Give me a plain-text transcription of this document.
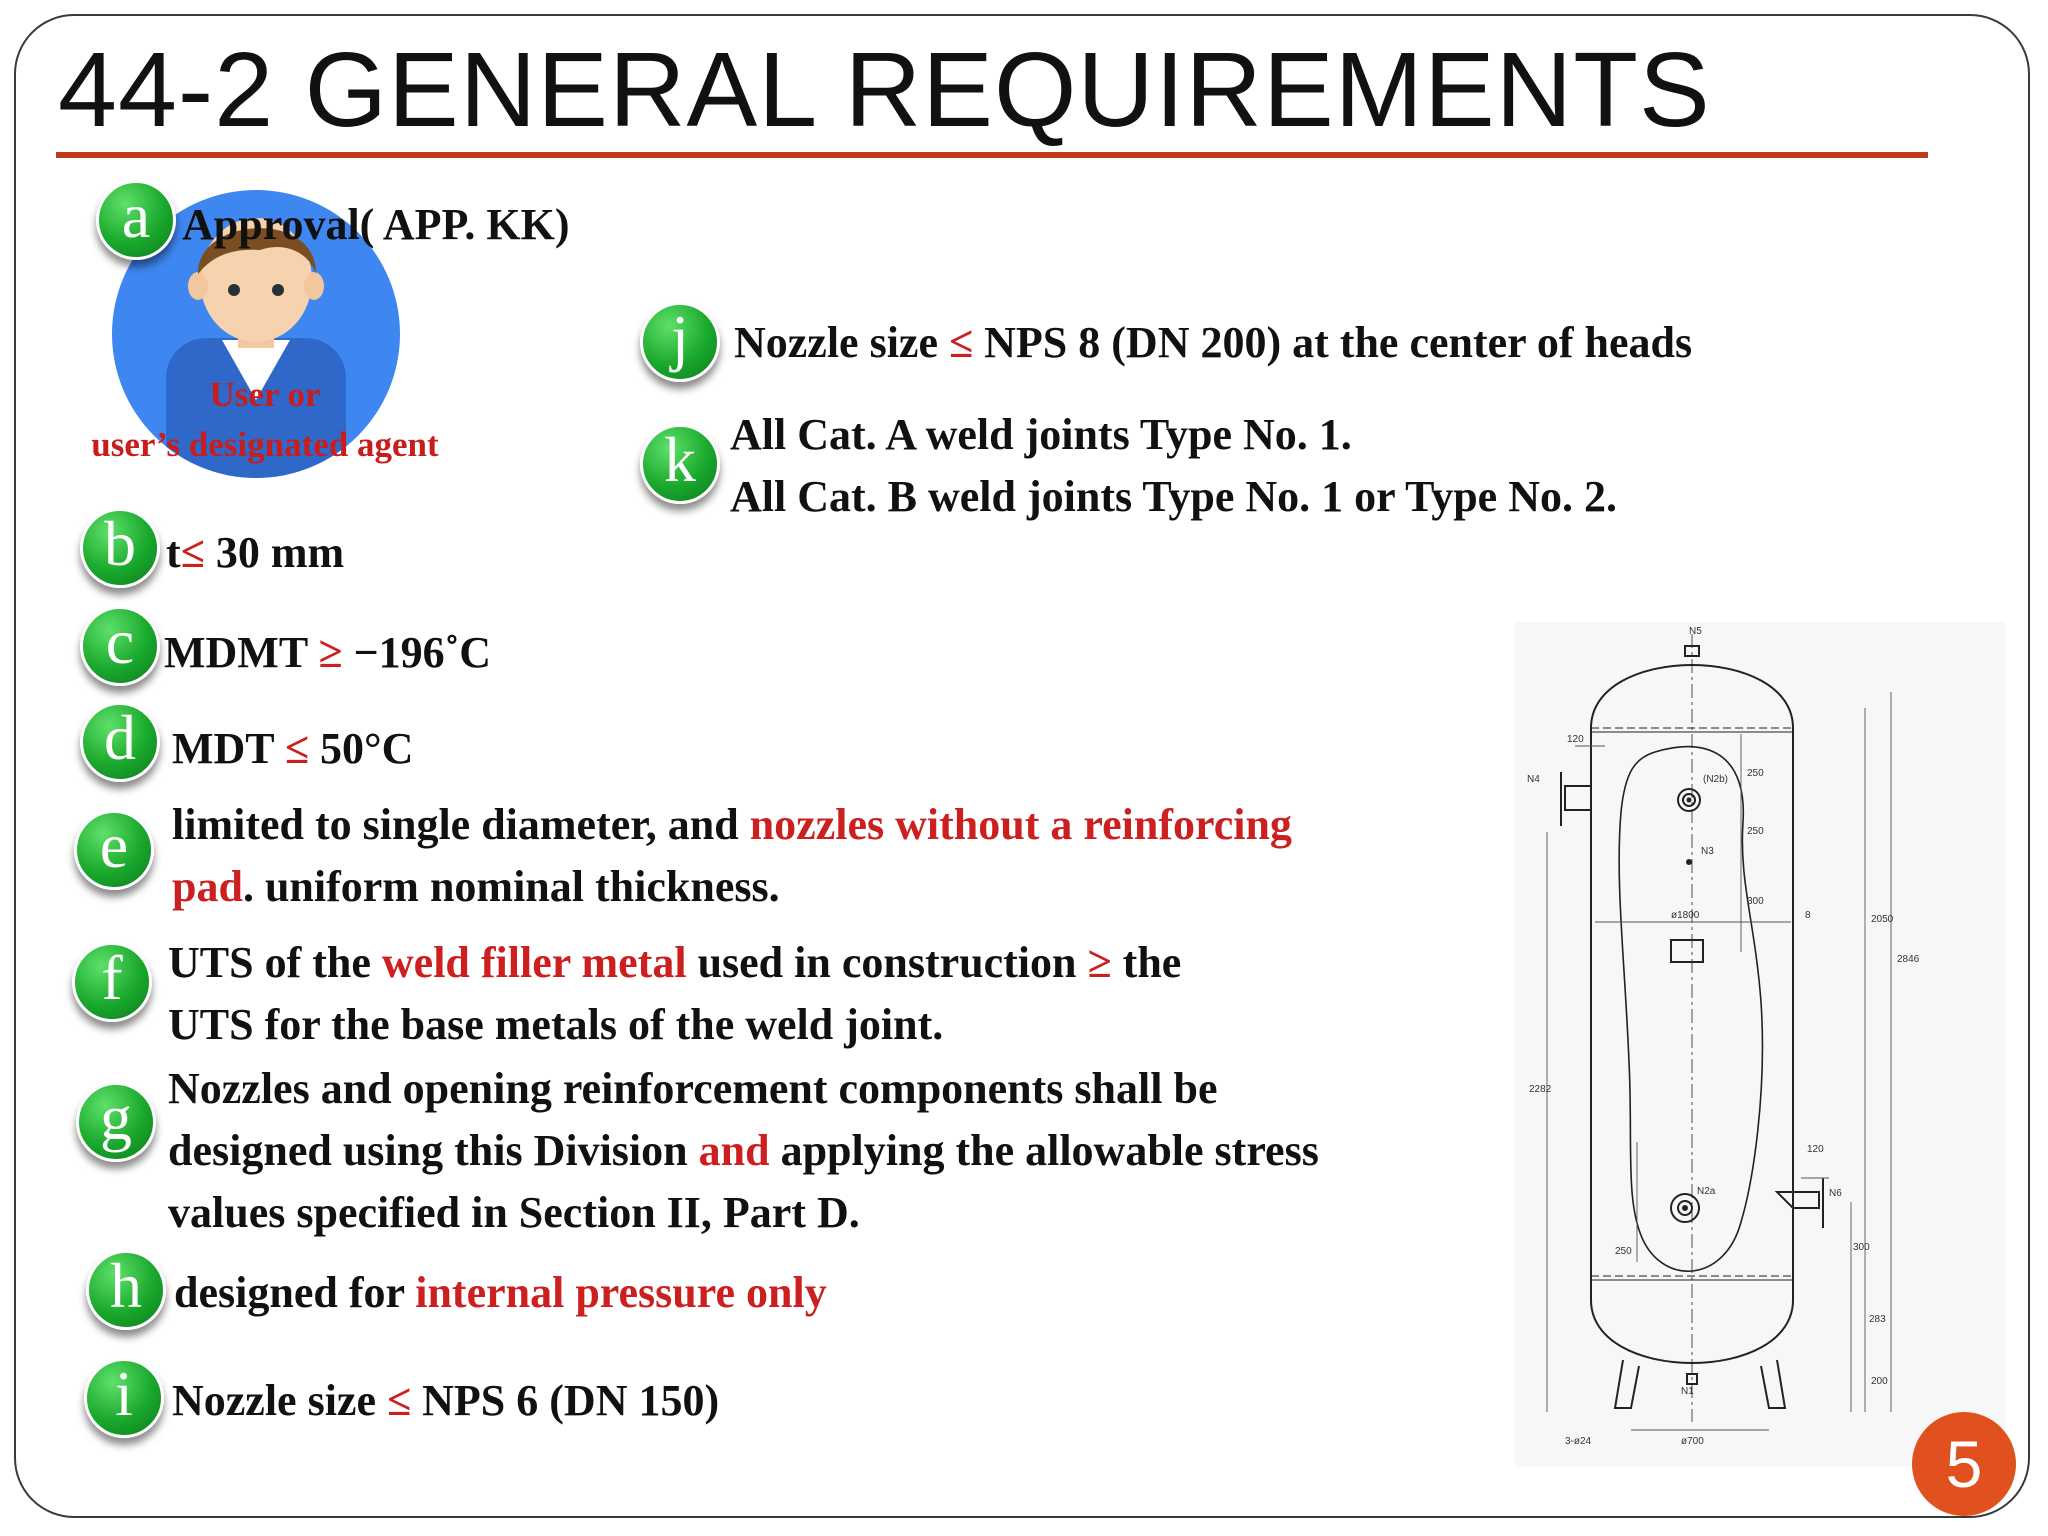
44-2 GENERAL REQUIREMENTS
User or
user’s designated agent
a Approval( APP. KK)
b t≤ 30 mm
c MDMT ≥ −196˚C
d MDT ≤ 50°C
e limited to single diameter, and nozzles without a reinforcing
pad. uniform nominal thickness.
f	UTS of the weld filler metal used in construction ≥ the
UTS for the base metals of the weld joint.
g Nozzles and opening reinforcement components shall be
designed using this Division and applying the allowable stress
values specified in Section II, Part D.
h designed for internal pressure only
i Nozzle size ≤ NPS 6 (DN 150)
j	Nozzle size ≤ NPS 8 (DN 200) at the center of heads
k All Cat. A weld joints Type No. 1.
All Cat. B weld joints Type No. 1 or Type No. 2.
N5
N4
120
(N2b)
N3
250
250
300
ø1800	8	2050
2846
2282
120
N2a	N6
250	300
283
200
N1
3-ø24	ø700	5
